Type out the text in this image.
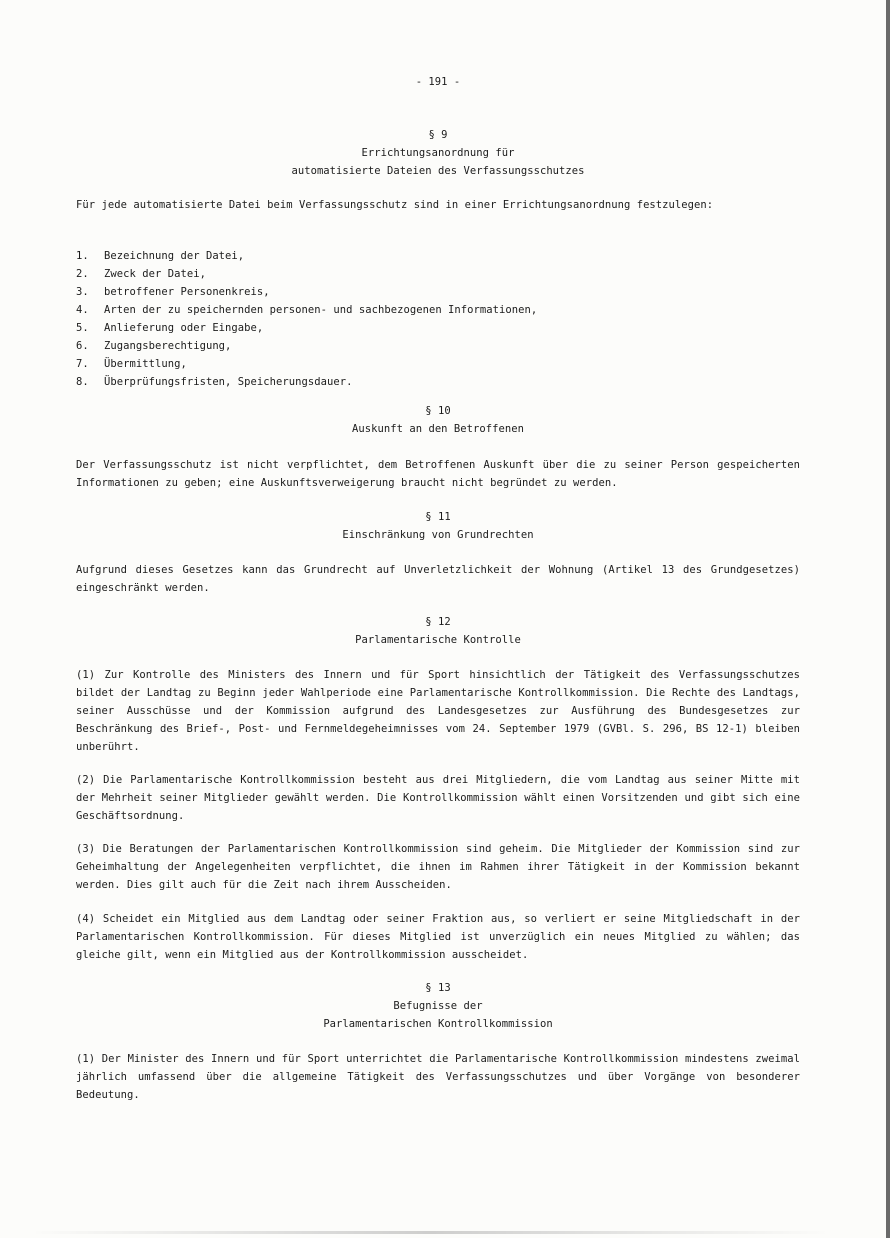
- 191 -
§ 9
Errichtungsanordnung für
automatisierte Dateien des Verfassungsschutzes
Für jede automatisierte Datei beim Verfassungsschutz sind in einer Errichtungsanordnung festzulegen:
1.	Bezeichnung der Datei,
2.	Zweck der Datei,
3.	betroffener Personenkreis,
4.	Arten der zu speichernden personen- und sachbezogenen Informationen,
5.	Anlieferung oder Eingabe,
6.	Zugangsberechtigung,
7.	Übermittlung,
8.	Überprüfungsfristen, Speicherungsdauer.
§ 10
Auskunft an den Betroffenen
Der Verfassungsschutz ist nicht verpflichtet, dem Betroffenen Auskunft über die zu seiner Person gespeicherten Informationen zu geben; eine Auskunftsverweigerung braucht nicht begründet zu werden.
§ 11
Einschränkung von Grundrechten
Aufgrund dieses Gesetzes kann das Grundrecht auf Unverletzlichkeit der Wohnung (Artikel 13 des Grundgesetzes) eingeschränkt werden.
§ 12
Parlamentarische Kontrolle
(1) Zur Kontrolle des Ministers des Innern und für Sport hinsichtlich der Tätigkeit des Verfassungsschutzes bildet der Landtag zu Beginn jeder Wahlperiode eine Parlamentarische Kontrollkommission. Die Rechte des Landtags, seiner Ausschüsse und der Kommission aufgrund des Landesgesetzes zur Ausführung des Bundesgesetzes zur Beschränkung des Brief-, Post- und Fernmeldegeheimnisses vom 24. September 1979 (GVBl. S. 296, BS 12-1) bleiben unberührt.
(2) Die Parlamentarische Kontrollkommission besteht aus drei Mitgliedern, die vom Landtag aus seiner Mitte mit der Mehrheit seiner Mitglieder gewählt werden. Die Kontrollkommission wählt einen Vorsitzenden und gibt sich eine Geschäftsordnung.
(3) Die Beratungen der Parlamentarischen Kontrollkommission sind geheim. Die Mitglieder der Kommission sind zur Geheimhaltung der Angelegenheiten verpflichtet, die ihnen im Rahmen ihrer Tätigkeit in der Kommission bekannt werden. Dies gilt auch für die Zeit nach ihrem Ausscheiden.
(4) Scheidet ein Mitglied aus dem Landtag oder seiner Fraktion aus, so verliert er seine Mitgliedschaft in der Parlamentarischen Kontrollkommission. Für dieses Mitglied ist unverzüglich ein neues Mitglied zu wählen; das gleiche gilt, wenn ein Mitglied aus der Kontrollkommission ausscheidet.
§ 13
Befugnisse der
Parlamentarischen Kontrollkommission
(1) Der Minister des Innern und für Sport unterrichtet die Parlamentarische Kontrollkommission mindestens zweimal jährlich umfassend über die allgemeine Tätigkeit des Verfassungsschutzes und über Vorgänge von besonderer Bedeutung.
